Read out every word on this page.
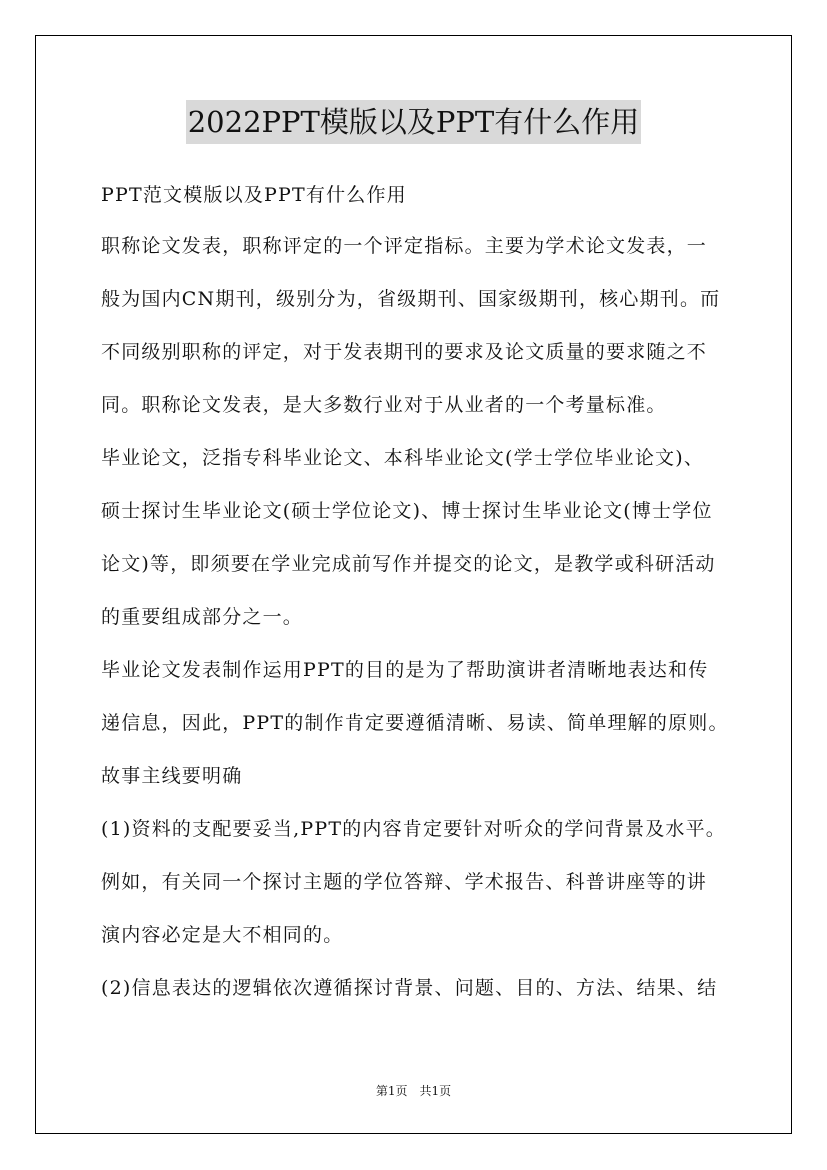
2022PPT模版以及PPT有什么作用
PPT范文模版以及PPT有什么作用
职称论文发表，职称评定的一个评定指标。主要为学术论文发表，一
般为国内CN期刊，级别分为，省级期刊、国家级期刊，核心期刊。而
不同级别职称的评定，对于发表期刊的要求及论文质量的要求随之不
同。职称论文发表，是大多数行业对于从业者的一个考量标准。
毕业论文，泛指专科毕业论文、本科毕业论文(学士学位毕业论文)、
硕士探讨生毕业论文(硕士学位论文)、博士探讨生毕业论文(博士学位
论文)等，即须要在学业完成前写作并提交的论文，是教学或科研活动
的重要组成部分之一。
毕业论文发表制作运用PPT的目的是为了帮助演讲者清晰地表达和传
递信息，因此，PPT的制作肯定要遵循清晰、易读、简单理解的原则。
故事主线要明确
(1)资料的支配要妥当,PPT的内容肯定要针对听众的学问背景及水平。
例如，有关同一个探讨主题的学位答辩、学术报告、科普讲座等的讲
演内容必定是大不相同的。
(2)信息表达的逻辑依次遵循探讨背景、问题、目的、方法、结果、结
第1页　共1页
